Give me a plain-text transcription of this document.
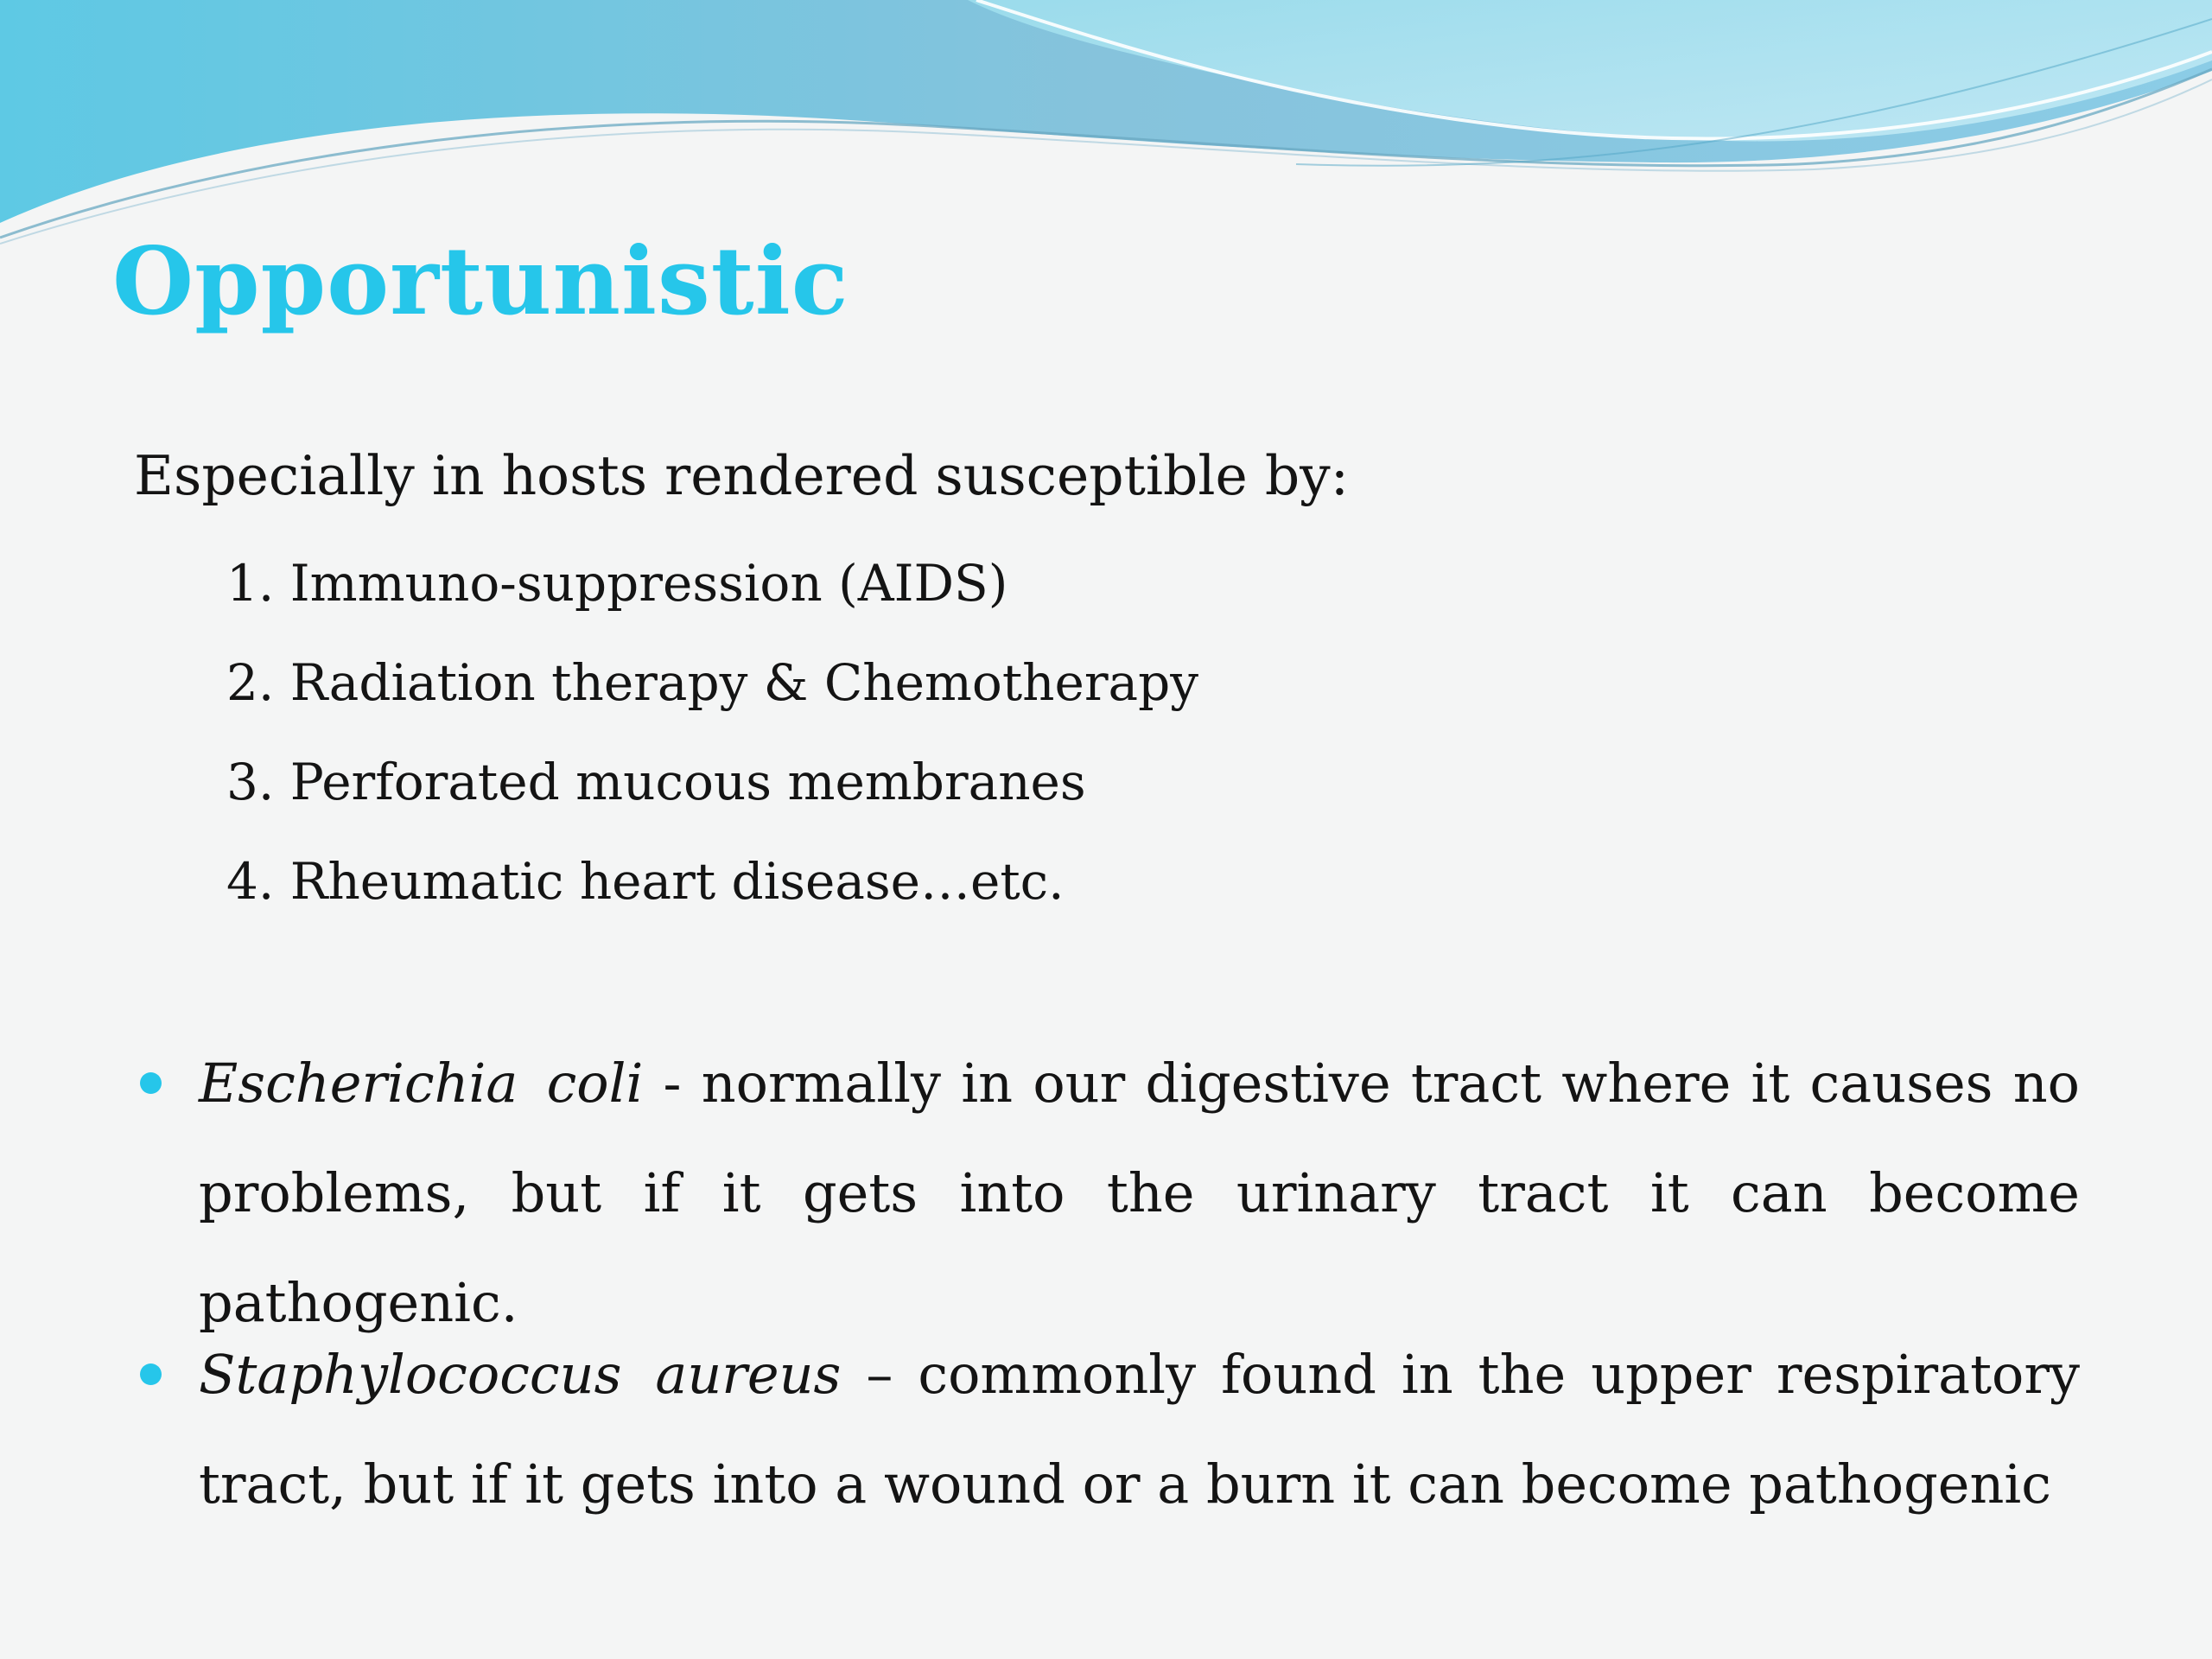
Opportunistic
Especially in hosts rendered susceptible by:
1. Immuno-suppression (AIDS)
2. Radiation therapy & Chemotherapy
3. Perforated mucous membranes
4. Rheumatic heart disease…etc.
Escherichia coli - normally in our digestive tract where it causes no problems, but if it gets into the urinary tract it can become pathogenic.
Staphylococcus aureus – commonly found in the upper respiratory tract, but if it gets into a wound or a burn it can become pathogenic
